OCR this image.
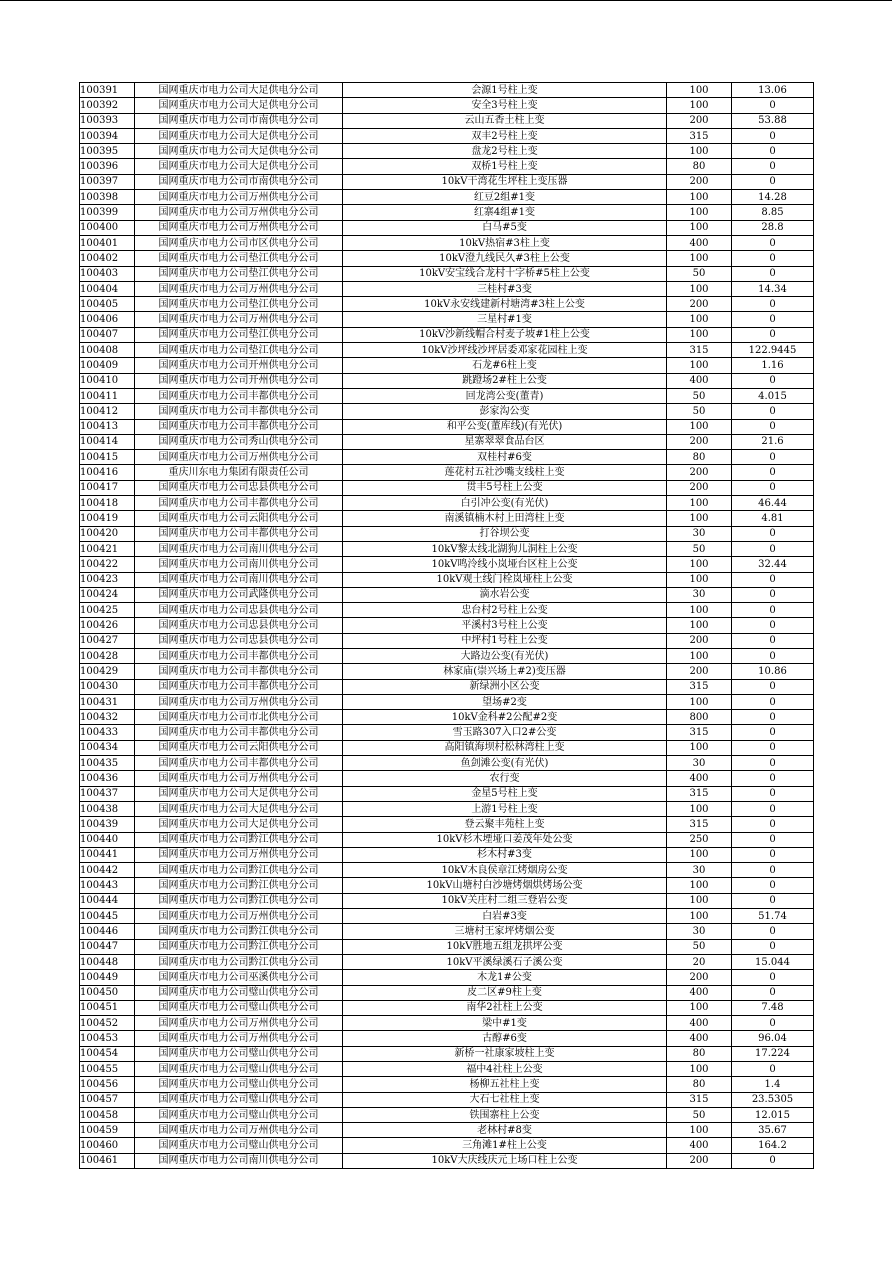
100391	国网重庆市电力公司大足供电分公司	会源1号柱上变	100	13.06
100392	国网重庆市电力公司大足供电分公司	安全3号柱上变	100	0
100393	国网重庆市电力公司市南供电分公司	云山五香土柱上变	200	53.88
100394	国网重庆市电力公司大足供电分公司	双丰2号柱上变	315	0
100395	国网重庆市电力公司大足供电分公司	盘龙2号柱上变	100	0
100396	国网重庆市电力公司大足供电分公司	双桥1号柱上变	80	0
100397	国网重庆市电力公司市南供电分公司	10kV干湾花生坪柱上变压器	200	0
100398	国网重庆市电力公司万州供电分公司	红豆2组#1变	100	14.28
100399	国网重庆市电力公司万州供电分公司	红寨4组#1变	100	8.85
100400	国网重庆市电力公司万州供电分公司	白马#5变	100	28.8
100401	国网重庆市电力公司市区供电分公司	10kV热宿#3柱上变	400	0
100402	国网重庆市电力公司垫江供电分公司	10kV澄九线民久#3柱上公变	100	0
100403	国网重庆市电力公司垫江供电分公司	10kV安宝线合龙村十字桥#5柱上公变	50	0
100404	国网重庆市电力公司万州供电分公司	三桂村#3变	100	14.34
100405	国网重庆市电力公司垫江供电分公司	10kV永安线建新村塘湾#3柱上公变	200	0
100406	国网重庆市电力公司万州供电分公司	三星村#1变	100	0
100407	国网重庆市电力公司垫江供电分公司	10kV沙新线帽合村麦子坡#1柱上公变	100	0
100408	国网重庆市电力公司垫江供电分公司	10kV沙坪线沙坪居委邓家花园柱上变	315	122.9445
100409	国网重庆市电力公司开州供电分公司	石龙#6柱上变	100	1.16
100410	国网重庆市电力公司开州供电分公司	跳蹬场2#柱上公变	400	0
100411	国网重庆市电力公司丰都供电分公司	回龙湾公变(董青)	50	4.015
100412	国网重庆市电力公司丰都供电分公司	彭家沟公变	50	0
100413	国网重庆市电力公司丰都供电分公司	和平公变(董库线)(有光伏)	100	0
100414	国网重庆市电力公司秀山供电分公司	星寨翠翠食品台区	200	21.6
100415	国网重庆市电力公司万州供电分公司	双桂村#6变	80	0
100416	重庆川东电力集团有限责任公司	莲花村五社沙嘴支线柱上变	200	0
100417	国网重庆市电力公司忠县供电分公司	贯丰5号柱上公变	200	0
100418	国网重庆市电力公司丰都供电分公司	白引冲公变(有光伏)	100	46.44
100419	国网重庆市电力公司云阳供电分公司	南溪镇楠木村上田湾柱上变	100	4.81
100420	国网重庆市电力公司丰都供电分公司	打谷坝公变	30	0
100421	国网重庆市电力公司南川供电分公司	10kV黎太线北湖狗儿洞柱上公变	50	0
100422	国网重庆市电力公司南川供电分公司	10kV鸣泠线小岚垭台区柱上公变	100	32.44
100423	国网重庆市电力公司南川供电分公司	10kV观土线门栓岚垭柱上公变	100	0
100424	国网重庆市电力公司武隆供电分公司	滴水岩公变	30	0
100425	国网重庆市电力公司忠县供电分公司	忠台村2号柱上公变	100	0
100426	国网重庆市电力公司忠县供电分公司	平溪村3号柱上公变	100	0
100427	国网重庆市电力公司忠县供电分公司	中坪村1号柱上公变	200	0
100428	国网重庆市电力公司丰都供电分公司	大路边公变(有光伏)	100	0
100429	国网重庆市电力公司丰都供电分公司	林家庙(崇兴场上#2)变压器	200	10.86
100430	国网重庆市电力公司丰都供电分公司	新绿洲小区公变	315	0
100431	国网重庆市电力公司万州供电分公司	望场#2变	100	0
100432	国网重庆市电力公司市北供电分公司	10kV金科#2公配#2变	800	0
100433	国网重庆市电力公司丰都供电分公司	雪玉路307入口2#公变	315	0
100434	国网重庆市电力公司云阳供电分公司	高阳镇海坝村松林湾柱上变	100	0
100435	国网重庆市电力公司丰都供电分公司	鱼剑滩公变(有光伏)	30	0
100436	国网重庆市电力公司万州供电分公司	农行变	400	0
100437	国网重庆市电力公司大足供电分公司	金星5号柱上变	315	0
100438	国网重庆市电力公司大足供电分公司	上游1号柱上变	100	0
100439	国网重庆市电力公司大足供电分公司	登云聚丰苑柱上变	315	0
100440	国网重庆市电力公司黔江供电分公司	10kV杉木堙垭口姜茂年处公变	250	0
100441	国网重庆市电力公司万州供电分公司	杉木村#3变	100	0
100442	国网重庆市电力公司黔江供电分公司	10kV木良侯章江烤烟房公变	30	0
100443	国网重庆市电力公司黔江供电分公司	10kV山塘村白沙塘烤烟烘烤场公变	100	0
100444	国网重庆市电力公司黔江供电分公司	10kV关庄村二组三登岩公变	100	0
100445	国网重庆市电力公司万州供电分公司	白岩#3变	100	51.74
100446	国网重庆市电力公司黔江供电分公司	三塘村王家坪烤烟公变	30	0
100447	国网重庆市电力公司黔江供电分公司	10kV胜地五组龙拱坪公变	50	0
100448	国网重庆市电力公司黔江供电分公司	10kV平溪绿溪石子溪公变	20	15.044
100449	国网重庆市电力公司巫溪供电分公司	木龙1#公变	200	0
100450	国网重庆市电力公司璧山供电分公司	皮二区#9柱上变	400	0
100451	国网重庆市电力公司璧山供电分公司	南华2社柱上公变	100	7.48
100452	国网重庆市电力公司万州供电分公司	梁中#1变	400	0
100453	国网重庆市电力公司万州供电分公司	古醇#6变	400	96.04
100454	国网重庆市电力公司璧山供电分公司	新桥一社康家坡柱上变	80	17.224
100455	国网重庆市电力公司璧山供电分公司	福中4社柱上公变	100	0
100456	国网重庆市电力公司璧山供电分公司	杨柳五社柱上变	80	1.4
100457	国网重庆市电力公司璧山供电分公司	大石七社柱上变	315	23.5305
100458	国网重庆市电力公司璧山供电分公司	铁围寨柱上公变	50	12.015
100459	国网重庆市电力公司万州供电分公司	老林村#8变	100	35.67
100460	国网重庆市电力公司璧山供电分公司	三角滩1#柱上公变	400	164.2
100461	国网重庆市电力公司南川供电分公司	10kV大庆线庆元上场口柱上公变	200	0
